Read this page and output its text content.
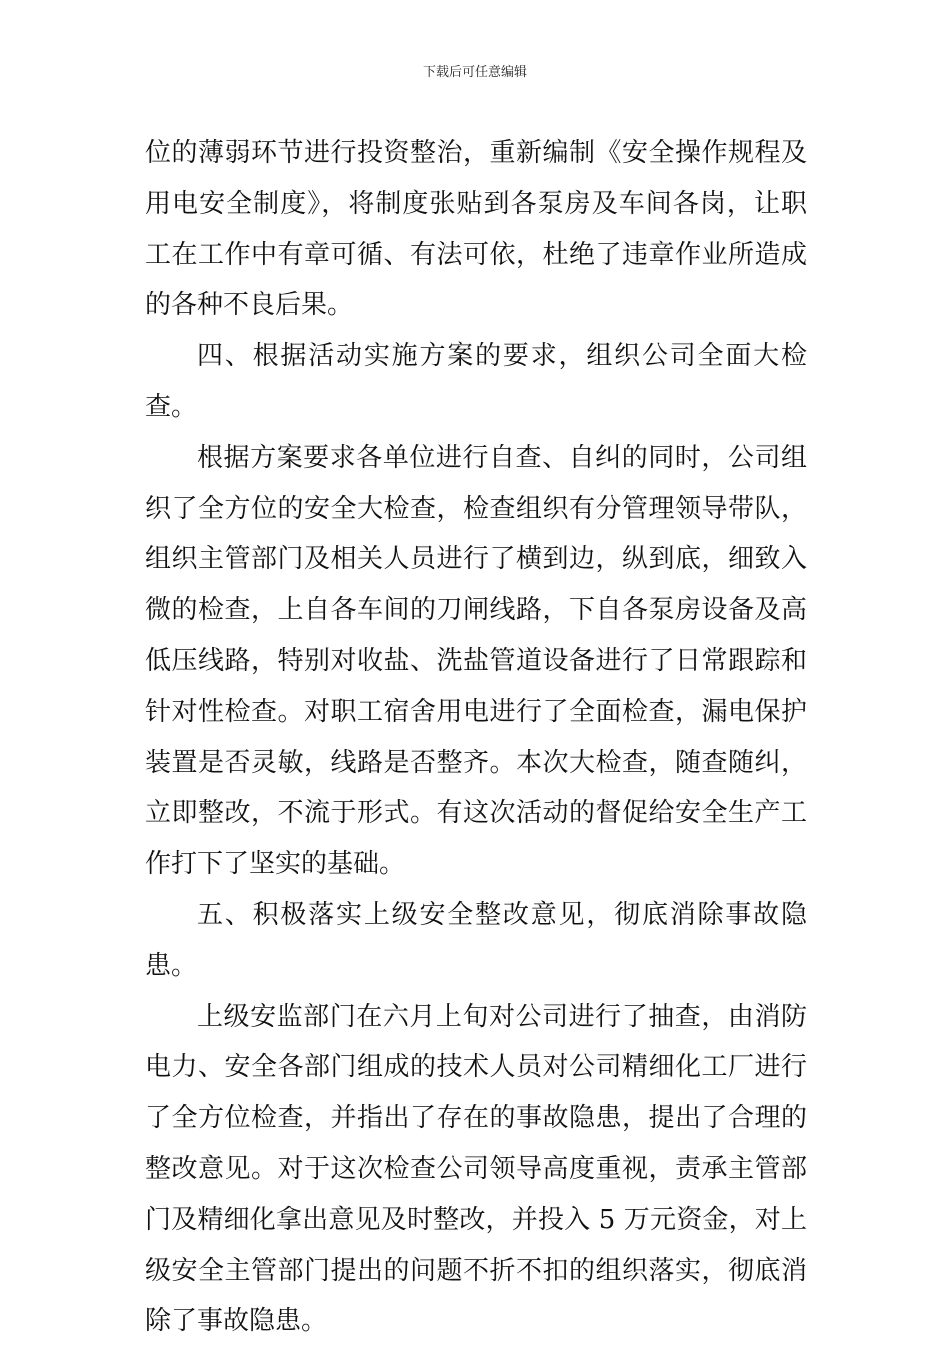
下载后可任意编辑

位的薄弱环节进行投资整治，重新编制《安全操作规程及用电安全制度》，将制度张贴到各泵房及车间各岗，让职工在工作中有章可循、有法可依，杜绝了违章作业所造成的各种不良后果。

四、根据活动实施方案的要求，组织公司全面大检查。

根据方案要求各单位进行自查、自纠的同时，公司组织了全方位的安全大检查，检查组织有分管理领导带队，组织主管部门及相关人员进行了横到边，纵到底，细致入微的检查，上自各车间的刀闸线路，下自各泵房设备及高低压线路，特别对收盐、洗盐管道设备进行了日常跟踪和针对性检查。对职工宿舍用电进行了全面检查，漏电保护装置是否灵敏，线路是否整齐。本次大检查，随查随纠，立即整改，不流于形式。有这次活动的督促给安全生产工作打下了坚实的基础。

五、积极落实上级安全整改意见，彻底消除事故隐患。

上级安监部门在六月上旬对公司进行了抽查，由消防电力、安全各部门组成的技术人员对公司精细化工厂进行了全方位检查，并指出了存在的事故隐患，提出了合理的整改意见。对于这次检查公司领导高度重视，责承主管部门及精细化拿出意见及时整改，并投入 5 万元资金，对上级安全主管部门提出的问题不折不扣的组织落实，彻底消除了事故隐患。
